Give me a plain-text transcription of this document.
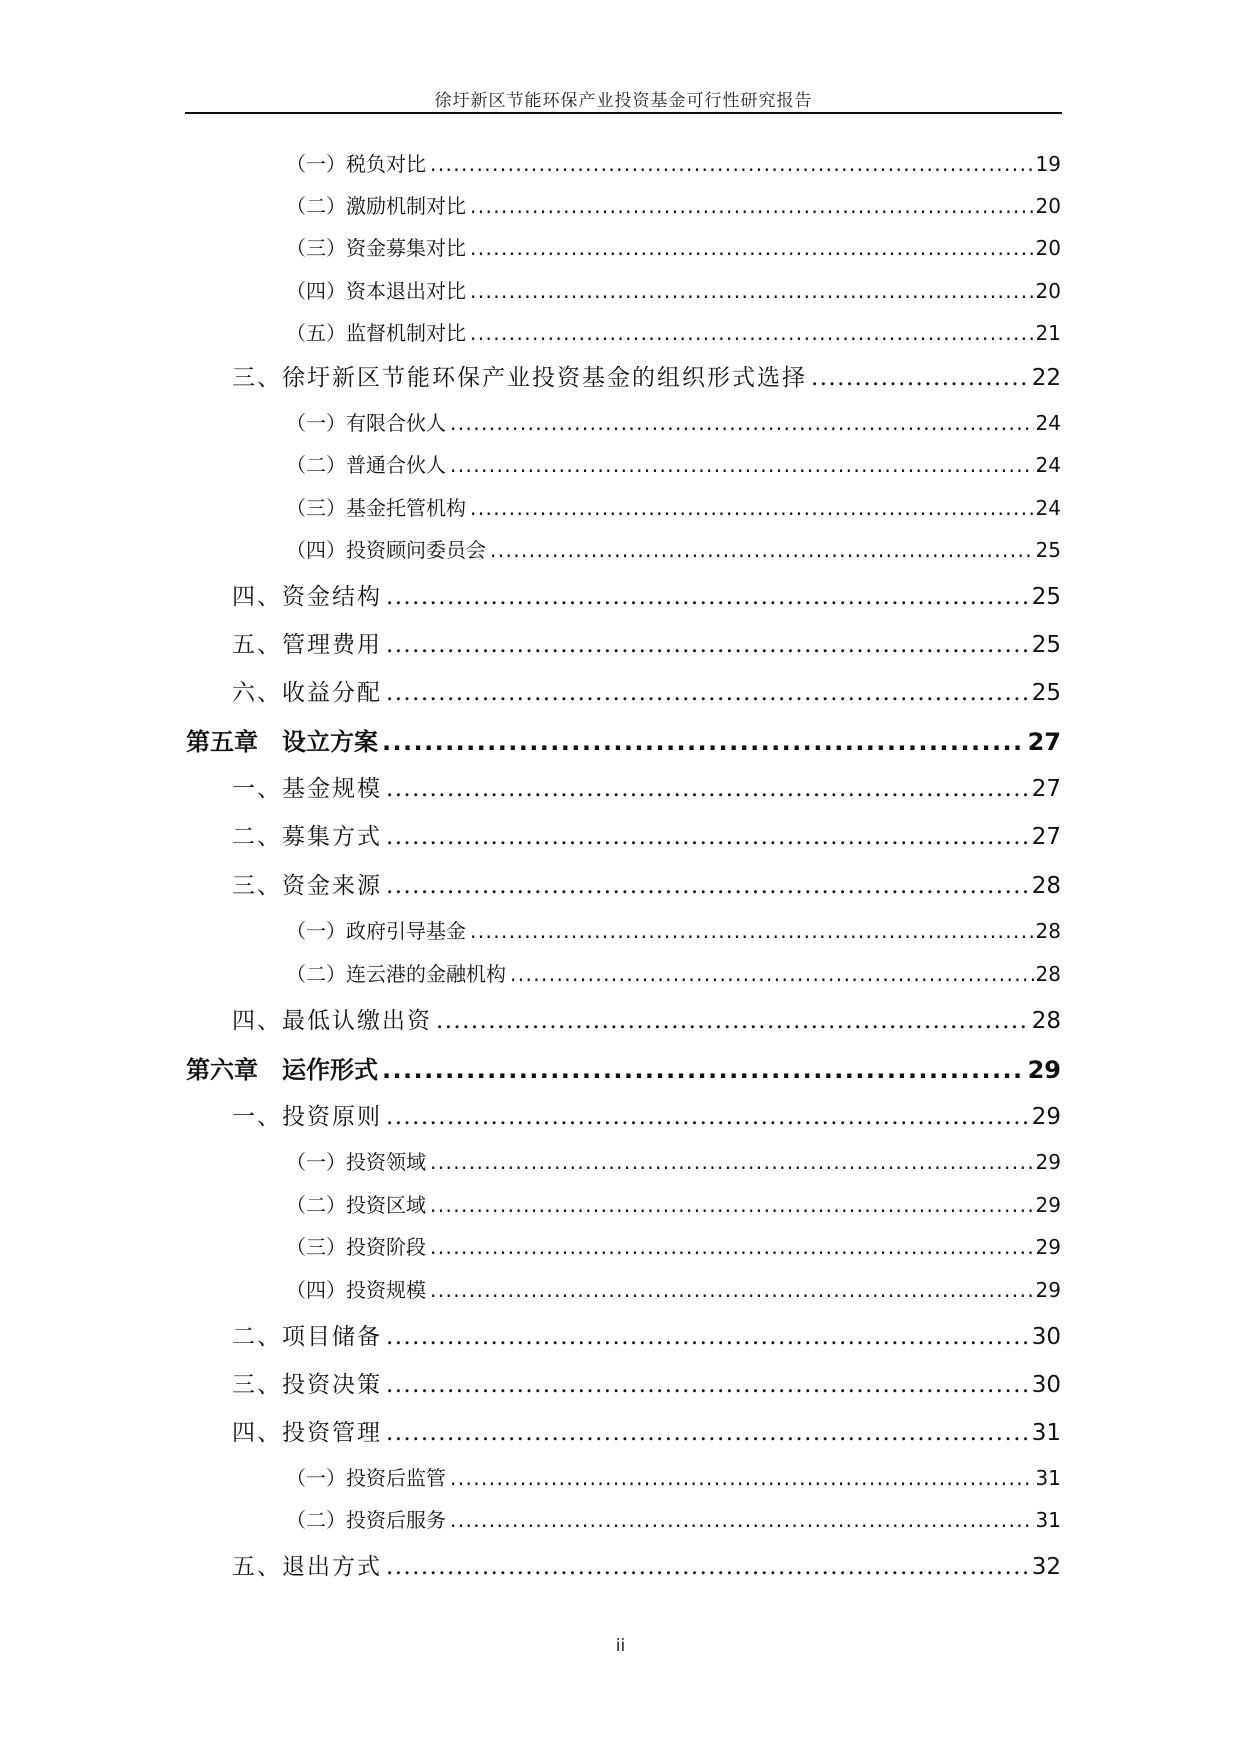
徐圩新区节能环保产业投资基金可行性研究报告
（一）税负对比 .....	19
（二）激励机制对比 .....	20
（三）资金募集对比 .....	20
（四）资本退出对比 .....	20
（五）监督机制对比 .....	21
三、徐圩新区节能环保产业投资基金的组织形式选择 .....	22
（一）有限合伙人 .....	24
（二）普通合伙人 .....	24
（三）基金托管机构 .....	24
（四）投资顾问委员会 .....	25
四、资金结构 .....	25
五、管理费用 .....	25
六、收益分配 .....	25
第五章　设立方案 .....	27
一、基金规模 .....	27
二、募集方式 .....	27
三、资金来源 .....	28
（一）政府引导基金 .....	28
（二）连云港的金融机构 .....	28
四、最低认缴出资 .....	28
第六章　运作形式 .....	29
一、投资原则 .....	29
（一）投资领域 .....	29
（二）投资区域 .....	29
（三）投资阶段 .....	29
（四）投资规模 .....	29
二、项目储备 .....	30
三、投资决策 .....	30
四、投资管理 .....	31
（一）投资后监管 .....	31
（二）投资后服务 .....	31
五、退出方式 .....	32
ii
